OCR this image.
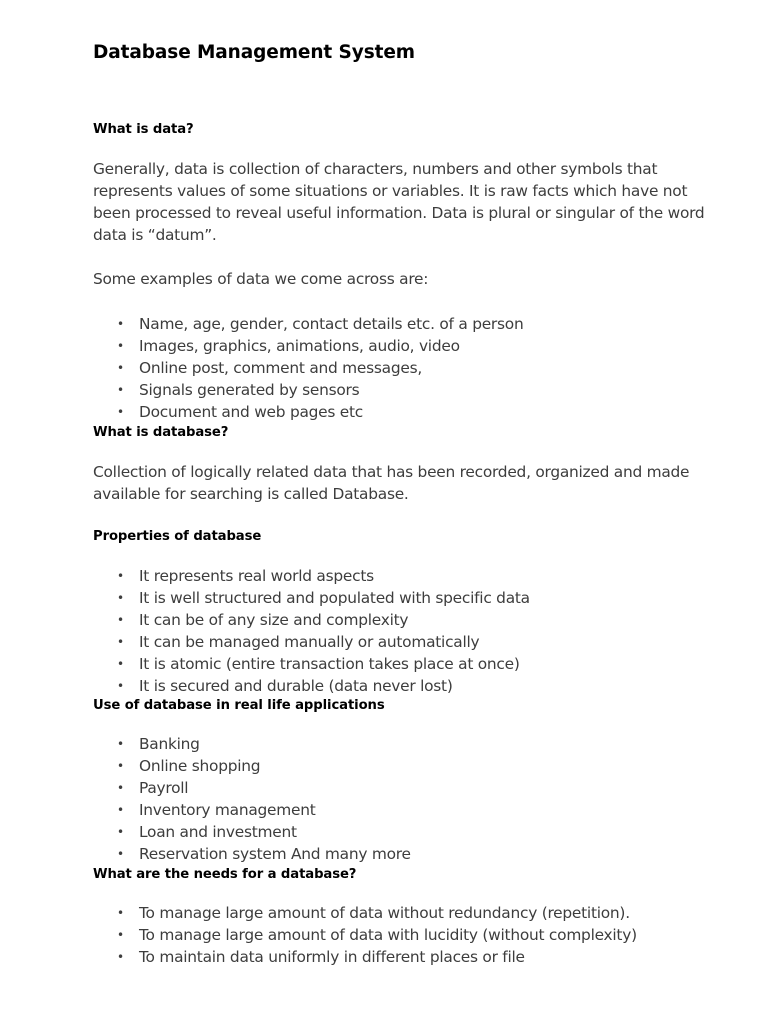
Database Management System
What is data?

Generally, data is collection of characters, numbers and other symbols that represents values of some situations or variables. It is raw facts which have not been processed to reveal useful information. Data is plural or singular of the word data is “datum”.

Some examples of data we come across are:

• Name, age, gender, contact details etc. of a person
• Images, graphics, animations, audio, video
• Online post, comment and messages,
• Signals generated by sensors
• Document and web pages etc
What is database?

Collection of logically related data that has been recorded, organized and made available for searching is called Database.

Properties of database
• It represents real world aspects
• It is well structured and populated with specific data
• It can be of any size and complexity
• It can be managed manually or automatically
• It is atomic (entire transaction takes place at once)
• It is secured and durable (data never lost)
Use of database in real life applications
• Banking
• Online shopping
• Payroll
• Inventory management
• Loan and investment
• Reservation system And many more
What are the needs for a database?
• To manage large amount of data without redundancy (repetition).
• To manage large amount of data with lucidity (without complexity)
• To maintain data uniformly in different places or file
